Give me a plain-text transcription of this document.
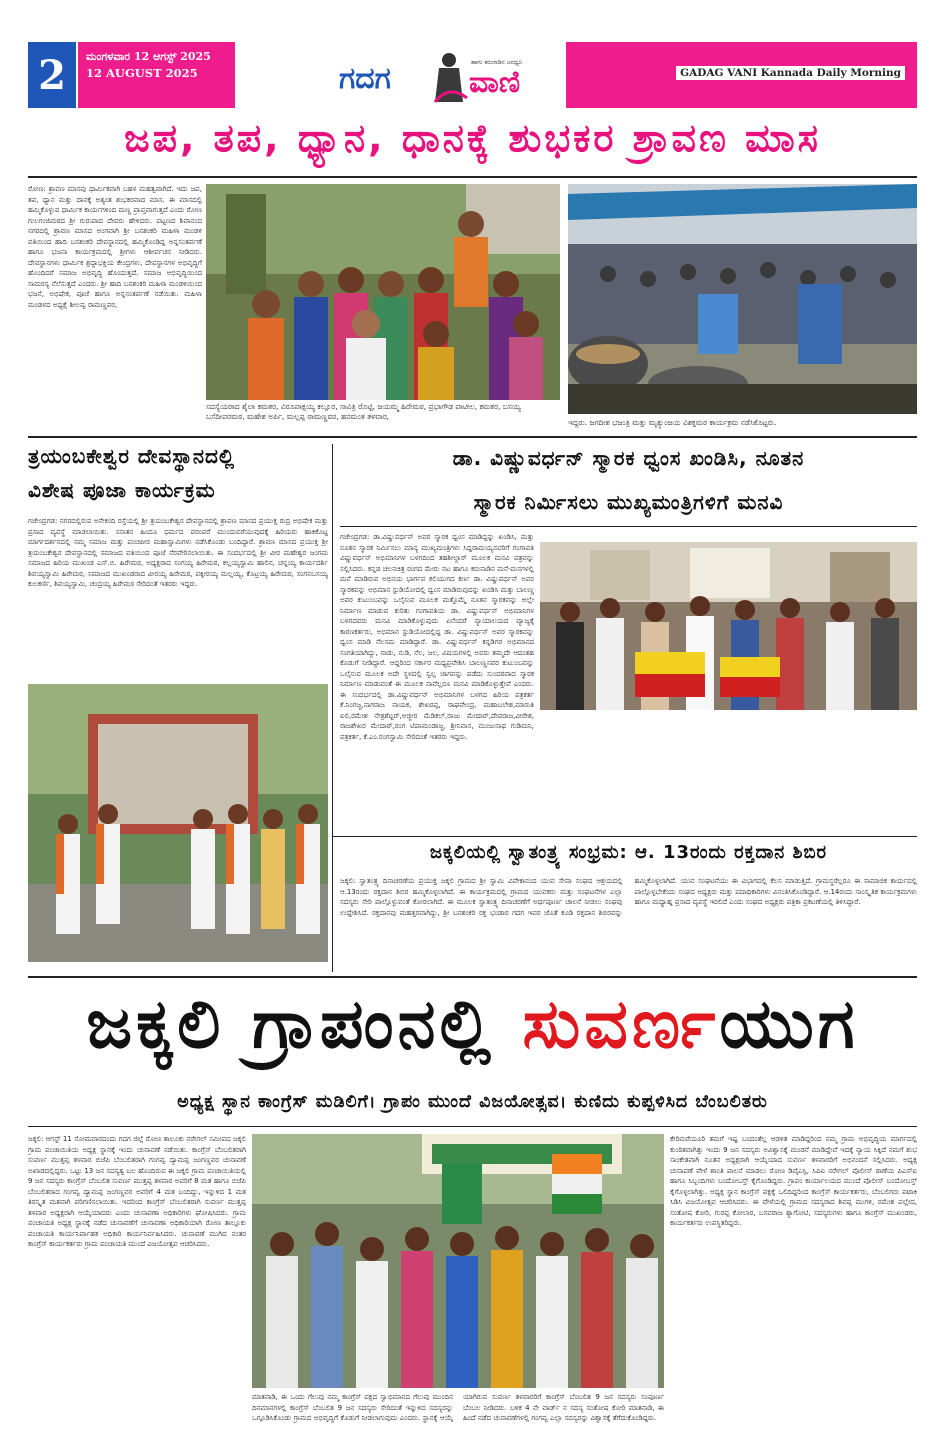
2	ಮಂಗಳವಾರ 12 ಆಗಸ್ಟ್ 2025
12 AUGUST 2025	ಗದಗ	ಹಾಗು ಕರುನಾಡಿನ ಜನಧ್ವನಿ
ವಾಣಿ	GADAG VANI Kannada Daily Morning
ಜಪ, ತಪ, ಧ್ಯಾನ, ಧಾನಕ್ಕೆ ಶುಭಕರ ಶ್ರಾವಣ ಮಾಸ
ರೋಣ: ಶ್ರಾವಣ ಮಾಸವು ಧಾರ್ಮಿಕವಾಗಿ ಬಹಳ ಮಹತ್ವವಾಗಿದೆ. ಇದು ಜಪ, ತಪ, ಧ್ಯಾನ ಮತ್ತು ದಾನಕ್ಕೆ ಅತ್ಯಂತ ಶುಭಕರವಾದ ಮಾಸ. ಈ ಮಾಸದಲ್ಲಿ ಹಮ್ಮಿಕೊಳ್ಳುವ ಧಾರ್ಮಿಕ ಕಾರ್ಯಗಳಿಂದ ಮಣ್ಣ ಪ್ರಾಪ್ತವಾಗುತ್ತದೆ ಎಂದು ರೋಣ ಗುಲಗಂಜಿಮಠದ ಶ್ರೀ ಗುರುಪಾದ ದೇವರು ಹೇಳಿದರು. ಪಟ್ಟಣದ ಶಿವಾನಂದ ನಗರದಲ್ಲಿ ಶ್ರಾವಣ ಮಾಸದ ಅಂಗವಾಗಿ ಶ್ರೀ ಬನಶಂಕರಿ ಮಹಿಳಾ ಮಂಡಳಿ ವತಿಯಿಂದ ಹಾದಿ ಬನಶಂಕರಿ ದೇವಸ್ಥಾನದಲ್ಲಿ ಹಮ್ಮಿಕೊಂಡಿದ್ದ ಅನ್ನಸಂತರ್ಪಣೆ ಹಾಗೂ ಭಜನಾ ಕಾರ್ಯಕ್ರಮದಲ್ಲಿ ಶ್ರೀಗಳು ಆಶೀರ್ವಚನ ನೀಡಿದರು. ದೇವಸ್ಥಾನಗಳು ಧಾರ್ಮಿಕ ಶ್ರದ್ಧಾಭಕ್ತಿಯ ಕೇಂದ್ರಗಳು, ದೇವಸ್ಥಾನಗಳ ಅಭಿವೃದ್ಧಿಗೆ ಹೊಂದಿದರೆ ಸಮಾಜ ಅಭಿವೃದ್ಧಿ ಹೊಂದುತ್ತದೆ. ಸಮಾಜ ಅಭಿವೃದ್ಧಿಯಿಂದ ಸಾಮರಸ್ಯ ನೆಲೆಸುತ್ತದೆ ಎಂದರು. ಶ್ರೀ ಹಾದಿ ಬನಶಂಕರಿ ಮಹಿಳಾ ಮಂಡಳಿಯಿಂದ ಭಜನೆ, ಅಭಿಷೇಕ, ಪೂಜೆ ಹಾಗೂ ಅನ್ನಸಂತರ್ಪಣೆ ನಡೆಯಿತು. ಮಹಿಳಾ ಮಂಡಳದ ಅಧ್ಯಕ್ಷೆ ಶೀಲವ್ವ ರಾಮಣ್ಣವರ,
ಸದಸ್ಯೆಯರಾದ ಶೈಲಾ ಕಮತರ, ವಿರೂಪಾಕ್ಷಯ್ಯ ಕಲ್ಲೂರ, ಸಾವಿತ್ರಿ ರೊಟ್ಟಿ, ಜಯಮ್ಮ ಹಿರೇಮಠ, ಪ್ರಭಾಗೌಡ ಪಾಟೀಲ, ಕಮತರ, ಬಸಯ್ಯ ಬಸೆದೀಪರಮಠ, ಮಹೇಶ ಅರ್ಪಿ, ಮಲ್ಲಪ್ಪ ರಾಮಣ್ಣವರ, ಹನಮಂತ ತಳವಾರ,
ಇದ್ದರು. ಜಗದೀಶ ಭಜಂತ್ರಿ ಮತ್ತು ಮೃತ್ಯುಂಜಯ ವಿಶಕ್ತಮಠ ಕಾರ್ಯಕ್ರಮ ನಡೆಸಿಕೊಟ್ಟರು.
ತ್ರಯಂಬಕೇಶ್ವರ ದೇವಸ್ಥಾನದಲ್ಲಿ
ವಿಶೇಷ ಪೂಜಾ ಕಾರ್ಯಕ್ರಮ
ಗಜೇಂದ್ರಗಡ: ನಗರದಲ್ಲಿರುವ ಅನೇಕಂದಿ ರಸ್ತೆಯಲ್ಲಿ ಶ್ರೀ ತ್ರಯಂಬಕೇಶ್ವರ ದೇವಸ್ಥಾನದಲ್ಲಿ ಶ್ರಾವಣ ಮಾಸದ ಪ್ರಯುಕ್ತ ರುದ್ರ ಅಭಿಷೇಕ ಮತ್ತು ಪ್ರಸಾದ ವ್ಯವಸ್ಥೆ ಮಾಡಲಾಯಿತು. ಸನಾತನ ಹಿಂದೂ ಧರ್ಮದ ಪರಂಪರೆ ಮುಂದುವರೆಯುವುದಕ್ಕೆ ಹಿರಿಯರು ಹಾಕಿಕೊಟ್ಟ ಮಾರ್ಗದರ್ಶನದಲ್ಲಿ ನಮ್ಮ ಸಮಾಜ ಮತ್ತು ಪಂಚಪೀಠ ಮಹಾಸ್ವಾಮಿಗಳು ನಡೆಸಿಕೊಂಡು ಬಂದಿದ್ದಾರೆ. ಶ್ರಾವಣ ಮಾಸದ ಪ್ರಯುಕ್ತ ಶ್ರೀ ತ್ರಯಂಬಕೇಶ್ವರ ದೇವಸ್ಥಾನದಲ್ಲಿ ಸಮಾಜದ ವತಿಯಿಂದ ಪೂಜೆ ನೆರವೇರಿಸಲಾಯಿತು. ಈ ಸಂದರ್ಭದಲ್ಲಿ ಶ್ರೀ ವೀರ ಮಹೇಶ್ವರ ಜಂಗಮ ಸಮಾಜದ ಹಿರಿಯ ಮುಖಂಡ ಎಸ್.ಬಿ. ಹಿರೇಮಠ, ಅಧ್ಯಕ್ಷರಾದ ಸಂಗಯ್ಯ ಹಿರೇಮಠ, ಕಲ್ಲಯ್ಯಸ್ವಾಮಿ ಹಾಲಿನ, ಚನ್ನಯ್ಯ ಕಾರ್ಯದರ್ಶಿ ಶಿವಯ್ಯಸ್ವಾಮಿ ಹಿರೇಮಠ, ಸಮಾಜದ ಮುಖಂಡರಾದ ವೀರಯ್ಯ ಹಿರೇಮಠ, ಪಕ್ಕೀರಯ್ಯ ಮಲ್ಲಯ್ಯ, ಕೊಟ್ರಯ್ಯ ಹಿರೇಮಠ, ಸಂಗನಬಸಯ್ಯ ಕುಲಕರ್ಣಿ, ಶಿವಯ್ಯಸ್ವಾಮಿ, ಚಂದ್ರಯ್ಯ ಹಿರೇಮಠ ಸೇರಿದಂತೆ ಇತರರು ಇದ್ದರು.
ಡಾ. ವಿಷ್ಣುವರ್ಧನ್ ಸ್ಮಾರಕ ಧ್ವಂಸ ಖಂಡಿಸಿ, ನೂತನ
ಸ್ಮಾರಕ ನಿರ್ಮಿಸಲು ಮುಖ್ಯಮಂತ್ರಿಗಳಿಗೆ ಮನವಿ
ಗಜೇಂದ್ರಗಡ: ಡಾ.ವಿಷ್ಣುವರ್ಧನ್ ಅವರ ಸ್ಮಾರಕ ಧ್ವಂಸ ಮಾಡಿದ್ದನ್ನು ಖಂಡಿಸಿ, ಮತ್ತು ನೂತನ ಸ್ಮಾರಕ ನಿರ್ಮಿಸಲು ಮಾನ್ಯ ಮುಖ್ಯಮಂತ್ರಿಗಳು ಸಿದ್ದರಾಮಯ್ಯನವರಿಗೆ ಗಂಗಾವತಿ ವಿಷ್ಣುವರ್ಧನ್ ಅಭಿಮಾನಿಗಳ ಬಳಗದಿಂದ ತಹಶೀಲ್ದಾರ್ ಮೂಲಕ ಮನವಿ ಪತ್ರವನ್ನು ಸಲ್ಲಿಸಿದರು. ಕನ್ನಡ ಚಲನಚಿತ್ರ ರಂಗದ ಮೇರು ನಟ ಹಾಗೂ ಕರುನಾಡಿನ ಮನೆ-ಮನಗಳಲ್ಲಿ ಮನೆ ಮಾಡಿರುವ ಅಭಿನಯ ಭಾರ್ಗವ ಕಲಿಯುಗದ ಕರ್ಣ ಡಾ. ವಿಷ್ಣುವರ್ಧನ್ ಅವರ ಸ್ಮಾರಕವನ್ನು ಅಭಿಮಾನ ಸ್ಟುಡಿಯೋದಲ್ಲಿ ಧ್ವಂಸ ಮಾಡಿರುವುದನ್ನು ಖಂಡಿಸಿ ಮತ್ತು ಬಾಲಣ್ಣ ಅವರ ಕುಟುಂಬವನ್ನು ಒಲೈಸುವ ಮೂಲಕ ಮತ್ತೊಮ್ಮೆ ನೂತನ ಸ್ಮಾರಕವನ್ನು ಅಲ್ಲೇ ನಿರ್ಮಾಣ ಮಾಡುವ ಕುರಿತು ಗಂಗಾವತಿಯ ಡಾ. ವಿಷ್ಣುವರ್ಧನ್ ಅಭಿಮಾನಿಗಳ ಬಳಗದವರು ಮನವಿ ಮಾಡಿಕೊಳ್ಳುವುದು ಏನೆಂದರೆ ನ್ಯಾಯಾಲಯದ ವ್ಯಾಜ್ಯಕ್ಕೆ ಕಾರಣಕರ್ತರು, ಅಭಿಮಾನ ಸ್ಟುಡಿಯೋದಲ್ಲಿದ್ದ ಡಾ. ವಿಷ್ಣುವರ್ಧನ್ ಅವರ ಸ್ಮಾರಕವನ್ನು ಧ್ವಂಸ ಮಾಡಿ ನೆಲಸಮ ಮಾಡಿದ್ದಾರೆ. ಡಾ. ವಿಷ್ಣುವರ್ಧನ್ ಕನ್ನಡಿಗರ ಅಭಿಮಾನದ ಸಂಗತಿಯಾಗಿದ್ದು, ನಾಡು, ನುಡಿ, ನೆಲ, ಜಲ, ವಿಷಯಗಳಲ್ಲಿ ಅವರು ತಮ್ಮದೇ ಆದಂತಹ ಕೊಡುಗೆ ನೀಡಿದ್ದಾರೆ. ಆದ್ದರಿಂದ ಸರ್ಕಾರ ಮಧ್ಯಪ್ರವೇಶಿಸಿ ಬಾಲಣ್ಣನವರ ಕುಟುಂಬವನ್ನು ಒಲೈಸುವ ಮೂಲಕ ಅದೇ ಸ್ಥಳದಲ್ಲಿ ಸ್ವಲ್ಪ ಜಾಗವನ್ನು ಪಡೆದು ಸುಂದರವಾದ ಸ್ಮಾರಕ ನಿರ್ಮಾಣ ಮಾಡುವಂತೆ ಈ ಮೂಲಕ ನಾವೆಲ್ಲರೂ ಮನವಿ ಮಾಡಿಕೊಳ್ಳುತ್ತೇವೆ ಎಂದರು. ಈ ಸಂದರ್ಭದಲ್ಲಿ ಡಾ.ವಿಷ್ಣುವರ್ಧನ್ ಅಭಿಮಾನಿಗಳ ಬಳಗದ ಹಿರಿಯ ಪತ್ರಕರ್ತ ಕೆ.ನಿಂಗಜ್ಜ,ನಾಗರಾಜ ನಾಯಕ, ಶೇಖರಪ್ಪ, ರಾಘವೇಂದ್ರ, ಮಹಾಬಲೇಶ,ಮಾರುತಿ ಐಲಿ,ರಮೇಶ ನೇತ್ರಶೆಟ್ಟರ್,ಅಜ್ಜೀರ ಮೆಡಿಕಲ್,ರಾಜು ಮೇದಾರ್,ದೇವರಾಜ,ವೀರೇಶ, ರಾಜಶೇಖರ ಮೇದಾರ್,ರಂಗ ಟಿಪಾಮಂಡಾಜ್ಜ, ಶ್ರೀನಿವಾಸ, ಮಂಜುನಾಥ ಗುಡಿಮನಿ, ಪತ್ರಕರ್ತ, ಕೆ.ಎಂ.ರಂಗಸ್ವಾಮಿ ಸೇರಿದಂತೆ ಇತರರು ಇದ್ದರು.
ಜಕ್ಕಲಿಯಲ್ಲಿ ಸ್ವಾತಂತ್ರ್ಯ ಸಂಭ್ರಮ: ಆ. 13ರಂದು ರಕ್ತದಾನ ಶಿಬಿರ
ಜಕ್ಕಲಿ: ಸ್ವಾತಂತ್ರ್ಯ ದಿನಾಚರಣೆಯ ಪ್ರಯುಕ್ತ ಜಕ್ಕಲಿ ಗ್ರಾಮದ ಶ್ರೀ ಸ್ವಾಮಿ ವಿವೇಕಾನಂದ ಯುವ ಸೇವಾ ಸಂಘದ ಆಶ್ರಯದಲ್ಲಿ ಆ.13ರಂದು ರಕ್ತದಾನ ಶಿಬಿರ ಹಮ್ಮಿಕೊಳ್ಳಲಾಗಿದೆ. ಈ ಕಾರ್ಯಕ್ರಮದಲ್ಲಿ ಗ್ರಾಮದ ಯುವಕರು ಮತ್ತು ಸಂಘಟನೆಗಳ ಎಲ್ಲಾ ಸದಸ್ಯರು ಸೇರಿ ಪಾಲ್ಗೊಳ್ಳುವಂತೆ ಕೋರಲಾಗಿದೆ. ಈ ಮೂಲಕ ಸ್ವಾತಂತ್ರ್ಯ ದಿನಾಚರಣೆಗೆ ಅರ್ಥಪೂರ್ಣ ಚಾಲನೆ ನೀಡಲು ಸಂಘವು ಉದ್ದೇಶಿಸಿದೆ. ರಕ್ತದಾನವು ಮಹತ್ತರವಾಗಿದ್ದು, ಶ್ರೀ ಬನಶಂಕರಿ ರಕ್ತ ಭಂಡಾರ ಗದಗ ಇವರ ಜೊತೆ ಕೂಡಿ ರಕ್ತದಾನ ಶಿಬಿರವನ್ನು ಹಮ್ಮಿಕೊಳ್ಳಲಾಗಿದೆ. ಯುವ ಸಂಘಟನೆಯು ಈ ವಿಭಾಗದಲ್ಲಿ ಕೆಲಸ ಮಾಡುತ್ತಿದೆ. ಗ್ರಾಮಸ್ಥರೆಲ್ಲರೂ ಈ ಸಾಮಾಜಿಕ ಕಾರ್ಯದಲ್ಲಿ ಪಾಲ್ಗೊಳ್ಳಬೇಕೆಂದು ಸಂಘದ ಅಧ್ಯಕ್ಷರು ಮತ್ತು ಪದಾಧಿಕಾರಿಗಳು ವಿನಂತಿಸಿಕೊಂಡಿದ್ದಾರೆ. ಆ.14ರಂದು ಸಾಂಸ್ಕೃತಿಕ ಕಾರ್ಯಕ್ರಮಗಳು ಹಾಗೂ ಮಧ್ಯಾಹ್ನ ಪ್ರಸಾದ ವ್ಯವಸ್ಥೆ ಇರಲಿದೆ ಎಂದು ಸಂಘದ ಅಧ್ಯಕ್ಷರು ಪತ್ರಿಕಾ ಪ್ರಕಟಣೆಯಲ್ಲಿ ತಿಳಿಸಿದ್ದಾರೆ.
ಜಕ್ಕಲಿ ಗ್ರಾಪಂನಲ್ಲಿ ಸುವರ್ಣಯುಗ
ಅಧ್ಯಕ್ಷ ಸ್ಥಾನ ಕಾಂಗ್ರೆಸ್ ಮಡಿಲಿಗೆ। ಗ್ರಾಪಂ ಮುಂದೆ ವಿಜಯೋತ್ಸವ। ಕುಣಿದು ಕುಪ್ಪಳಿಸಿದ ಬೆಂಬಲಿತರು
ಜಕ್ಕಲಿ: ಆಗಸ್ಟ್ 11 ಸೋಮವಾರದಂದು ಗದಗ ಜಿಲ್ಲೆ ರೋಣ ತಾಲೂಕು ನರೇಗಲ್ ಸಮೀಪದ ಜಕ್ಕಲಿ ಗ್ರಾಮ ಪಂಚಾಯಿತಿಯ ಅಧ್ಯಕ್ಷ ಸ್ಥಾನಕ್ಕೆ ಇಂದು ಚುನಾವಣೆ ನಡೆಯಿತು. ಕಾಂಗ್ರೆಸ್ ಬೆಂಬಲಿತರಾಗಿ ಸುವರ್ಣ ಮುತ್ತಪ್ಪ ತಳವಾರ ಬಿಜೆಪಿ ಬೆಂಬಲಿತರಾಗಿ ಗಂಗವ್ವ ದ್ಯಾಮಪ್ಪ ಜಂಗಣ್ಣವರ ಚುನಾವಣೆ ಅಖಾಡದಲ್ಲಿದ್ದರು. ಒಟ್ಟು 13 ಜನ ಸದಸ್ಯತ್ವ ಬಲ ಹೊಂದಿರುವ ಈ ಜಕ್ಕಲಿ ಗ್ರಾಮ ಪಂಚಾಯಿತಿಯಲ್ಲಿ 9 ಜನ ಸದಸ್ಯರು ಕಾಂಗ್ರೆಸ್ ಬೆಂಬಲಿತ ಸುವರ್ಣ ಮುತ್ತಪ್ಪ ತಳವಾರ ಅವರಿಗೆ 8 ಮತ ಹಾಗೂ ಬಿಜೆಪಿ ಬೆಂಬಲಿತರಾದ ಗಂಗವ್ವ ದ್ಯಾಮಪ್ಪ ಜಂಗಣ್ಣವರ ಅವರಿಗೆ 4 ಮತ ಬಂದಿದ್ದು, ಇನ್ನುಳಿದ 1 ಮತ ತಿರಸ್ಕೃತ ಮತವಾಗಿ ಪರಿಗಣಿಸಲಾಯಿತು. ಇದರಿಂದ ಕಾಂಗ್ರೆಸ್ ಬೆಂಬಲಿತರಾಗಿ ಸುವರ್ಣ ಮುತ್ತಪ್ಪ ತಳವಾರ ಅಧ್ಯಕ್ಷರಾಗಿ ಆಯ್ಕೆಯಾದರು ಎಂದು ಚುನಾವಣಾ ಅಧಿಕಾರಿಗಳು ಘೋಷಿಸಿದರು. ಗ್ರಾಮ ಪಂಚಾಯತಿ ಅಧ್ಯಕ್ಷ ಸ್ಥಾನಕ್ಕೆ ನಡೆದ ಚುನಾವಣೆಗೆ ಚುನಾವಣಾ ಅಧಿಕಾರಿಯಾಗಿ ರೋಣ ತಾಲ್ಲೂಕು ಪಂಚಾಯತಿ ಕಾರ್ಯನಿರ್ವಾಹಕ ಅಧಿಕಾರಿ ಕಾರ್ಯನಿರ್ವಹಿಸಿದರು. ಚುನಾವಣೆ ಮುಗಿದ ನಂತರ ಕಾಂಗ್ರೆಸ್ ಕಾರ್ಯಕರ್ತರು ಗ್ರಾಮ ಪಂಚಾಯತಿ ಮುಂದೆ ವಿಜಯೋತ್ಸವ ಆಚರಿಸಿದರು.
ಮಾತನಾಡಿ, ಈ ಒಂದು ಗೆಲುವು ನಮ್ಮ ಕಾಂಗ್ರೆಸ್ ಪಕ್ಷದ ಸ್ವಾಭಿಮಾನದ ಗೆಲುವು ಮುಂದಿನ ದಿನಮಾನಗಳಲ್ಲಿ ಕಾಂಗ್ರೆಸ್ ಬೆಂಬಲಿತ 9 ಜನ ಸದಸ್ಯರು ಸೇರಿದಂತೆ ಇನ್ನುಳಿದ ಸದಸ್ಯರನ್ನು ಒಗ್ಗೂಡಿಸಿಕೊಂಡು ಗ್ರಾಮದ ಅಭಿವೃದ್ಧಿಗೆ ಕೊಡುಗೆ ನೀಡಲಾಗುವುದು ಎಂದರು. ಸ್ಥಾನಕ್ಕೆ ಆಯ್ಕೆ ಯಾಗಿರುವ ಸುವರ್ಣ ತಳವಾರರಿಗೆ ಕಾಂಗ್ರೆಸ್ ಬೆಂಬಲಿತ 9 ಜನ ಸದಸ್ಯರು ಸಂಪೂರ್ಣ ಬೆಂಬಲ ನೀಡಿದರು. ಬಳಿಕ 4 ನೇ ವಾರ್ಡ್ ನ ಸದಸ್ಯ ಸಂತೋಷ ಕೋರಿ ಮಾತನಾಡಿ, ಈ ಹಿಂದೆ ನಡೆದ ಚುನಾವಣೆಗಳಲ್ಲಿ ಗಂಗವ್ವ ಎಲ್ಲಾ ಸದಸ್ಯರನ್ನು ವಿಶ್ವಾಸಕ್ಕೆ ತೆಗೆದುಕೊಂಡಿದ್ದರು.
ಕೇರಿಮರೆಯೂರಿ ತಮಗೆ ಇಷ್ಟ ಬಂದಂತೆಲ್ಲ ಆಡಳಿತ ಮಾಡಿದ್ದರಿಂದ ನಮ್ಮ ಗ್ರಾಮ ಅಭಿವೃದ್ಧಿಯ ಮಾರ್ಗದಲ್ಲಿ ಕುಂಠಿತವಾಗಿತ್ತು ಇಂದು 9 ಜನ ಸದಸ್ಯರು ಅವಿಶ್ವಾಸಕ್ಕೆ ಮಂಡನೆ ಮಾಡಿದ್ದೇವೆ ಇದಕ್ಕೆ ನ್ಯಾಯ ಸಿಕ್ಕಿದೆ ನಮಗೆ ಶುಭ ಸಾಂಕೇತವಾಗಿ ನೂತನ ಅಧ್ಯಕ್ಷರಾಗಿ ಆಯ್ಕೆಯಾದ ಸುವರ್ಣ ತಳವಾರರಿಗೆ ಅಭಿನಂದನೆ ಸಲ್ಲಿಸಿದರು. ಅಧ್ಯಕ್ಷ ಚುನಾವಣೆ ವೇಳೆ ಶಾಂತಿ ಪಾಲನೆ ಮಾಡಲು ರೋಣ ಡಿವೈಎಸ್ಪಿ, ಸಿಪಿಐ ನರೇಗಲ್ ಪೊಲೀಸ್ ಠಾಣೆಯ ಪಿಎಸ್ಐ ಹಾಗೂ ಸಿಬ್ಬಂದಿಗಳು ಬಂದೋಬಸ್ತ್ ಕೈಗೊಂಡಿದ್ದರು. ಗ್ರಾಪಂ ಕಾರ್ಯಾಲಯದ ಮುಂದೆ ಪೊಲೀಸ್ ಬಂದೋಬಸ್ತ್ ಕೈಗೊಳ್ಳಲಾಗಿತ್ತು. ಅಧ್ಯಕ್ಷ ಸ್ಥಾನ ಕಾಂಗ್ರೆಸ್ ಪಕ್ಷಕ್ಕೆ ಒಲಿದಿದ್ದರಿಂದ ಕಾಂಗ್ರೆಸ್ ಕಾರ್ಯಕರ್ತರು, ಬೆಂಬಲಿಗರು ಪಟಾಕಿ ಸಿಡಿಸಿ ವಿಜಯೋತ್ಸವ ಆಚರಿಸಿದರು. ಈ ವೇಳೆಯಲ್ಲಿ ಗ್ರಾಮದ ಸದಸ್ಯರಾದ ಶಿವಪ್ಪ ಮುಗಳಿ, ರಮೇಶ ಪಲ್ಲೇದ, ಸಂತೋಷ ಕೋರಿ, ಗುರಪ್ಪ ಕೋಲಾರ, ಬಸವರಾಜ ಶ್ಯಾಗೋಟಿ, ಸದಸ್ಯರುಗಳು ಹಾಗೂ ಕಾಂಗ್ರೆಸ್ ಮುಖಂಡರು, ಕಾರ್ಯಕರ್ತರು ಉಪಸ್ಥಿತರಿದ್ದರು.
